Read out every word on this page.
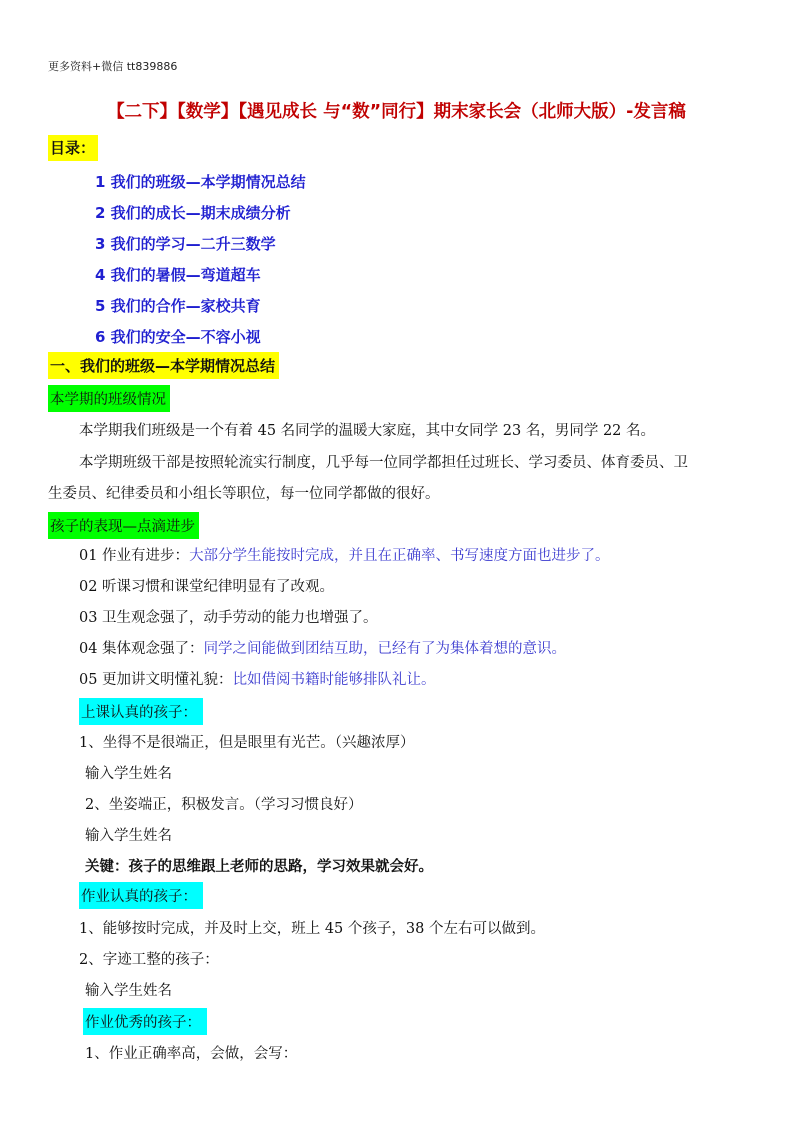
更多资料+微信 tt839886
【二下】【数学】【遇见成长 与“数”同行】期末家长会（北师大版）-发言稿
目录：
1 我们的班级—本学期情况总结
2 我们的成长—期末成绩分析
3 我们的学习—二升三数学
4 我们的暑假—弯道超车
5 我们的合作—家校共育
6 我们的安全—不容小视
一、我们的班级—本学期情况总结
本学期的班级情况
本学期我们班级是一个有着 45 名同学的温暖大家庭，其中女同学 23 名，男同学 22 名。
本学期班级干部是按照轮流实行制度，几乎每一位同学都担任过班长、学习委员、体育委员、卫
生委员、纪律委员和小组长等职位，每一位同学都做的很好。
孩子的表现—点滴进步
01 作业有进步：大部分学生能按时完成，并且在正确率、书写速度方面也进步了。
02 听课习惯和课堂纪律明显有了改观。
03 卫生观念强了，动手劳动的能力也增强了。
04 集体观念强了：同学之间能做到团结互助，已经有了为集体着想的意识。
05 更加讲文明懂礼貌：比如借阅书籍时能够排队礼让。
上课认真的孩子：
1、坐得不是很端正，但是眼里有光芒。（兴趣浓厚）
输入学生姓名
2、坐姿端正，积极发言。（学习习惯良好）
输入学生姓名
关键：孩子的思维跟上老师的思路，学习效果就会好。
作业认真的孩子：
1、能够按时完成，并及时上交，班上 45 个孩子，38 个左右可以做到。
2、字迹工整的孩子：
输入学生姓名
作业优秀的孩子：
1、作业正确率高，会做，会写：
